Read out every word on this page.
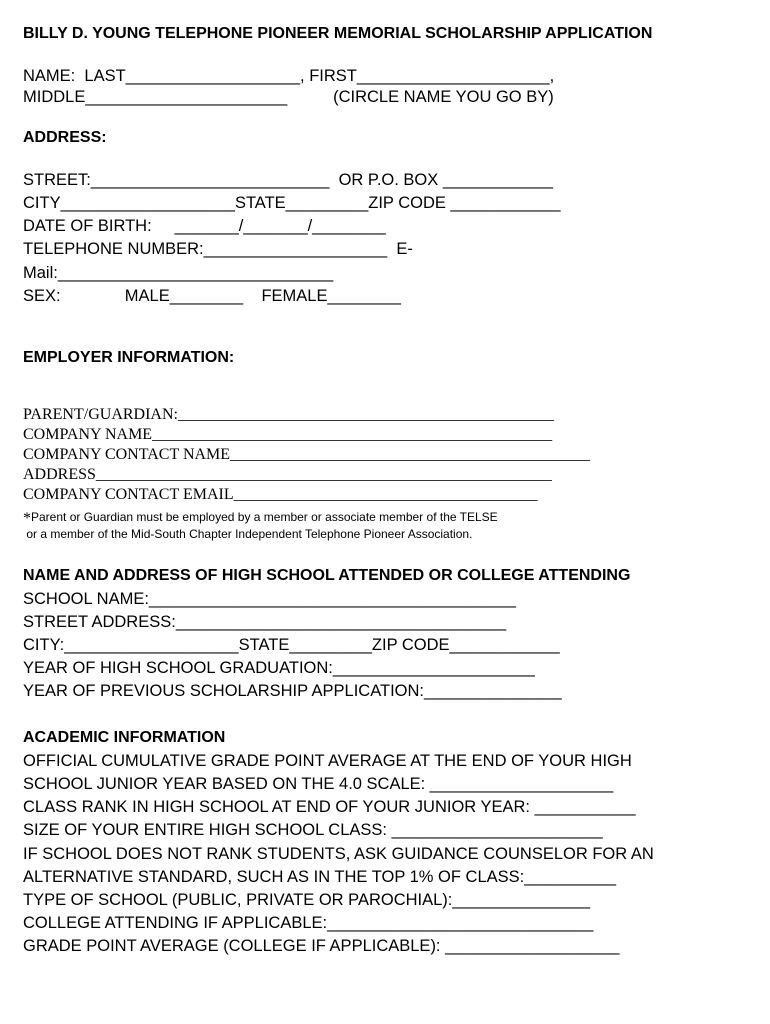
BILLY D. YOUNG TELEPHONE PIONEER MEMORIAL SCHOLARSHIP APPLICATION
NAME:  LAST___________________, FIRST_____________________,
MIDDLE______________________          (CIRCLE NAME YOU GO BY)
ADDRESS:
STREET:__________________________  OR P.O. BOX ____________
CITY___________________STATE_________ZIP CODE ____________
DATE OF BIRTH:     _______/_______/________
TELEPHONE NUMBER:____________________  E-
Mail:______________________________
SEX:              MALE________    FEMALE________
EMPLOYER INFORMATION:
PARENT/GUARDIAN:_______________________________________________
COMPANY NAME__________________________________________________
COMPANY CONTACT NAME_____________________________________________
ADDRESS_________________________________________________________
COMPANY CONTACT EMAIL______________________________________
*Parent or Guardian must be employed by a member or associate member of the TELSE
or a member of the Mid-South Chapter Independent Telephone Pioneer Association.
NAME AND ADDRESS OF HIGH SCHOOL ATTENDED OR COLLEGE ATTENDING
SCHOOL NAME:________________________________________
STREET ADDRESS:____________________________________
CITY:___________________STATE_________ZIP CODE____________
YEAR OF HIGH SCHOOL GRADUATION:______________________
YEAR OF PREVIOUS SCHOLARSHIP APPLICATION:_______________
ACADEMIC INFORMATION
OFFICIAL CUMULATIVE GRADE POINT AVERAGE AT THE END OF YOUR HIGH
SCHOOL JUNIOR YEAR BASED ON THE 4.0 SCALE: ____________________
CLASS RANK IN HIGH SCHOOL AT END OF YOUR JUNIOR YEAR: ___________
SIZE OF YOUR ENTIRE HIGH SCHOOL CLASS: _______________________
IF SCHOOL DOES NOT RANK STUDENTS, ASK GUIDANCE COUNSELOR FOR AN
ALTERNATIVE STANDARD, SUCH AS IN THE TOP 1% OF CLASS:__________
TYPE OF SCHOOL (PUBLIC, PRIVATE OR PAROCHIAL):_______________
COLLEGE ATTENDING IF APPLICABLE:_____________________________
GRADE POINT AVERAGE (COLLEGE IF APPLICABLE): ___________________
